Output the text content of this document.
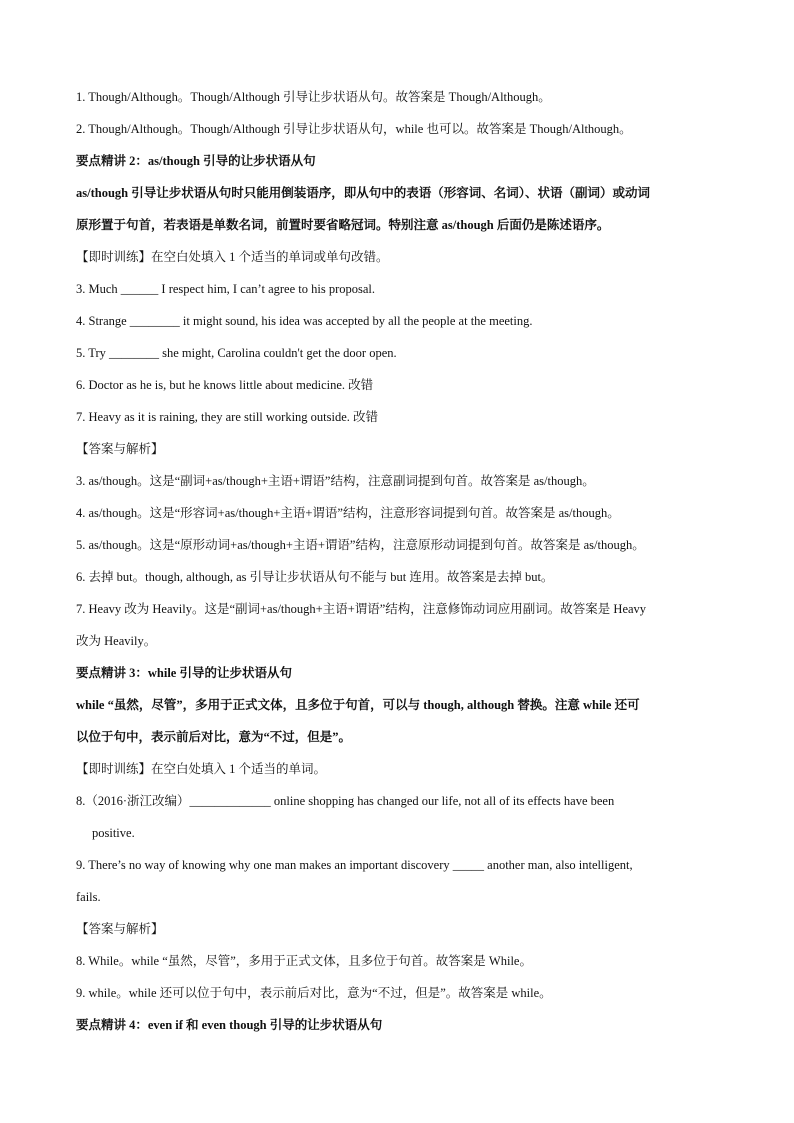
1. Though/Although。Though/Although 引导让步状语从句。故答案是 Though/Although。
2. Though/Although。Though/Although 引导让步状语从句，while 也可以。故答案是 Though/Although。
要点精讲 2：as/though 引导的让步状语从句
as/though 引导让步状语从句时只能用倒装语序，即从句中的表语（形容词、名词）、状语（副词）或动词
原形置于句首，若表语是单数名词，前置时要省略冠词。特别注意 as/though 后面仍是陈述语序。
【即时训练】在空白处填入 1 个适当的单词或单句改错。
3. Much ______ I respect him, I can’t agree to his proposal.
4. Strange ________ it might sound, his idea was accepted by all the people at the meeting.
5. Try ________ she might, Carolina couldn't get the door open.
6. Doctor as he is, but he knows little about medicine. 改错
7. Heavy as it is raining, they are still working outside. 改错
【答案与解析】
3. as/though。这是“副词+as/though+主语+谓语”结构，注意副词提到句首。故答案是 as/though。
4. as/though。这是“形容词+as/though+主语+谓语”结构，注意形容词提到句首。故答案是 as/though。
5. as/though。这是“原形动词+as/though+主语+谓语”结构，注意原形动词提到句首。故答案是 as/though。
6. 去掉 but。though, although, as 引导让步状语从句不能与 but 连用。故答案是去掉 but。
7. Heavy 改为 Heavily。这是“副词+as/though+主语+谓语”结构，注意修饰动词应用副词。故答案是 Heavy
改为 Heavily。
要点精讲 3：while 引导的让步状语从句
while “虽然，尽管”，多用于正式文体，且多位于句首，可以与 though, although 替换。注意 while 还可
以位于句中，表示前后对比，意为“不过，但是”。
【即时训练】在空白处填入 1 个适当的单词。
8.（2016·浙江改编）_____________ online shopping has changed our life, not all of its effects have been
positive.
9. There’s no way of knowing why one man makes an important discovery _____ another man, also intelligent,
fails.
【答案与解析】
8. While。while “虽然，尽管”，多用于正式文体，且多位于句首。故答案是 While。
9. while。while 还可以位于句中，表示前后对比，意为“不过，但是”。故答案是 while。
要点精讲 4：even if 和 even though 引导的让步状语从句
